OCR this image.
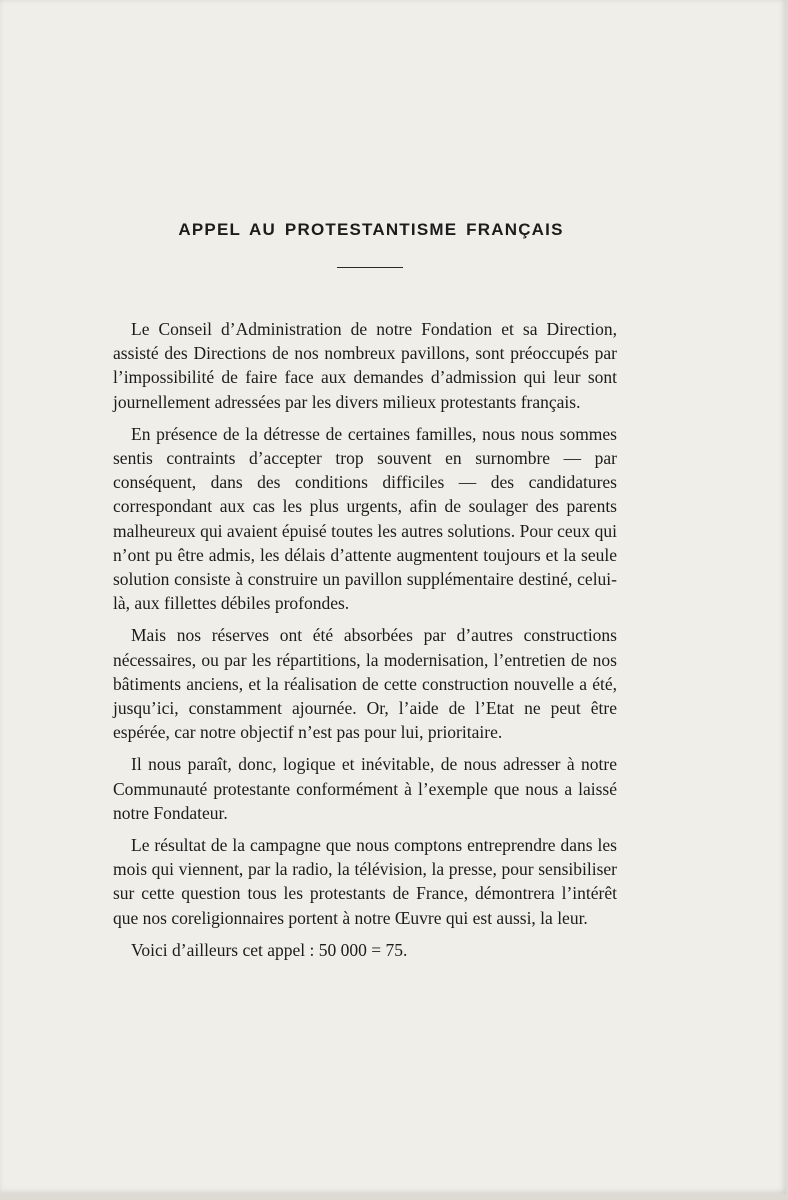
APPEL AU PROTESTANTISME FRANÇAIS

Le Conseil d’Administration de notre Fondation et sa Direction, assisté des Directions de nos nombreux pavillons, sont préoccupés par l’impossibilité de faire face aux demandes d’admission qui leur sont journellement adressées par les divers milieux protestants français.

En présence de la détresse de certaines familles, nous nous sommes sentis contraints d’accepter trop souvent en surnombre — par conséquent, dans des conditions difficiles — des candidatures correspondant aux cas les plus urgents, afin de soulager des parents malheureux qui avaient épuisé toutes les autres solutions. Pour ceux qui n’ont pu être admis, les délais d’attente augmentent toujours et la seule solution consiste à construire un pavillon supplémentaire destiné, celui-là, aux fillettes débiles profondes.

Mais nos réserves ont été absorbées par d’autres constructions nécessaires, ou par les répartitions, la modernisation, l’entretien de nos bâtiments anciens, et la réalisation de cette construction nouvelle a été, jusqu’ici, constamment ajournée. Or, l’aide de l’Etat ne peut être espérée, car notre objectif n’est pas pour lui, prioritaire.

Il nous paraît, donc, logique et inévitable, de nous adresser à notre Communauté protestante conformément à l’exemple que nous a laissé notre Fondateur.

Le résultat de la campagne que nous comptons entreprendre dans les mois qui viennent, par la radio, la télévision, la presse, pour sensibiliser sur cette question tous les protestants de France, démontrera l’intérêt que nos coreligionnaires portent à notre Œuvre qui est aussi, la leur.

Voici d’ailleurs cet appel : 50 000 = 75.
